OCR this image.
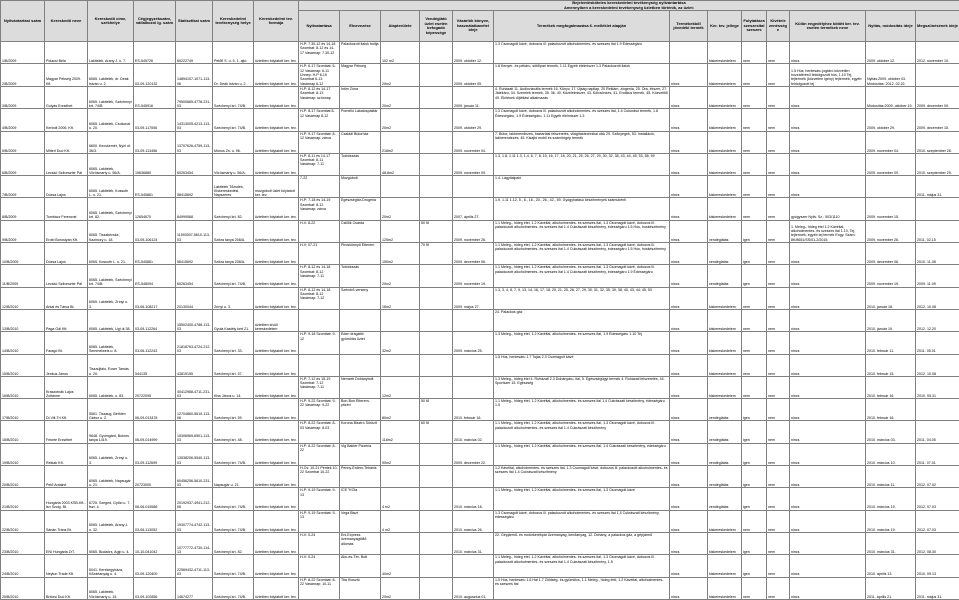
Nyilvántartási szám	Kereskedő neve	Kereskedő címe, székhelye	Cégjegyzékszám, vállalkozói ig. szám	Statisztikai szám	Kereskedelmi tevékenység helye	Kereskedelmi tev. formája	Bejelentésköteles kereskedelmi tevékenység nyilvántartása
Amennyiben a kereskedelmi tevékenység üzletben történik, az üzlet:												

							Nyitvatartása	Elnevezése	Alapterülete	Vendéglátó üzlet esetén befogadó képessége	Vásárlók könyve, használatbavétel ideje	Termékek megfogalmazása 6. melléklet alapján	Termékekből jövedéki termék	Ker. tev. jellege	Folytatásra szeszesital szeszes	Kivétele zenéssége	Külön engedélyhez kötött ker. tev. esetén termékek neve	Nyitás, módosítás ideje	Megszűnésének ideje
1/B/2009	Polacsi Béla	Lakitelek, Arany J. u. 7.	ES-545726	60222749	Petőfi S. u. 5. 1. ajtó	üzletben folytatott ker. tev.	H-P: 7.30-12 és 14-18 Szombat: 8-12 és 14-17 Vasárnap: 7.30-12	Palackozott italok boltja	102 m2		2009. október 12.	1.3 Csomagolt kávé, dobozos ill. palackozott alkoholmentes- és szeszes ital 1.9 Édességáru		kiskereskedelem	nem	nem	nincs	2009. október 12.	2012. november 10.
2/B/2009	Magyar Pékség 2009. Kft.	6065. Lakitelek, dr. Deák István u. 2.	03-09-120132	14894107-1071-113-06	Dr. Deák István u. 2.	üzletben folytatott ker. tev.	H-P: 6-17 Szombat: 6-12 Vasárnap: 6-11 Ünnep: H-P 6-19 Szombat 6-13 Vasárnap 6-12	Magyar Pékség	20m2		2009. október 05.	1.8 Kenyér- és pékáru, sütőipari termék, 1.11 Egyéb élelmiszer 1.3 Palackozott italok	nincs	kiskereskedelem	nem	nem	1.5 Hús, hentesáru jogtáró közvetlen hozzáférésű feldolgozott hús, 1.10 Tej, tejtermék (közvetlen igény) tejtermék, egyéb feldolgozott tej	Nyitás:2009. október 03. Módosítás: 2012. 02.22.	
3/B/2009	Gulyás Erzsébet	6065. Lakitelek, Széchenyi krt. 74/B.	ES-545916	79500665-4778-231-03	Széchenyi krt. 74/B.	üzletben folytatott ker. tev.	H-P: 8-12 és 14-17 Szombat: 8-13 Vasárnap: szünnap	Intim Zóna	20m2		2009. január 11.	4. Ruházati 11. Audiovizuális termék 16. Könyv, 17. Újság napilap, 20 Reklám, zlogenia, 25. Óra, ékszer, 27. Játékáru, 34. Szerelék termék, 35. 36. 40. Közélelmiszer, 43. Kölcsönzés, 41. Erotikus termék, 45. Közvetítői 49. Ékítések díjtéltási alkalmazás	nincs	kiskereskedelem	nem	nem	nincs	Módosítás:2009. október 19.	2009. december 09.
4/B/2009	Kerbolt 2006. Kft.	6065. Lakitelek, Csokonai u. 20.	03-09-117006	14313005-4213-113-03	Széchenyi krt. 74/B.	üzletben folytatott ker. tev.	H-P: 8-17 Szombat 8-12 Vasárnap 8-12	Pomelló Lakatospaktár	20m2		2009. október 29.	1.3 Csomagolt kávé, dobozos ill. palackozott alkoholmentes- és szeszes ital, 1.4 Cukorásó termék, 1.8 Édességáru, 1.9 Édességáru, 1.11 Egyéb élelmiszer 1.3	nincs	kiskereskedelem	nem	nem	nincs	2009. október 29.	2009. december 15.
5/B/2009	Mitterl Duó Kft.	6600. Kecskemét, Nyíri út 36/3.	03-09-113456	13707626-4759-113-03	Mónus Zs. u. 96.	üzletben folytatott ker. tev.	H-P: 9-17 Szombat: 8-12 Vasárnap: zárva	Családi Bútorház	218m2		2009. november 04.	7. Bútor, lakberendezés, háztartási felszerelés, világítástechnikai cikk 29. Szőnyegek, 53. Installáció, lakberendezés, 45. Kisajtó mobil és számítógép termék	nincs	kiskereskedelem	nem	nem	nincs	2009. november 04.	2010. szeptember 28.
6/B/2009	Lecskó Szilveszter Pál	6065. Lakitelek, Vörösmarty u. 56/A.	19636880	60263454	Vörösmarty u. 56/A.	üzletben folytatott ker. tev.	H-P: 8-11 és 14-17 Szombat: 8-11 Vasárnap: 7-11	Totóösszás	48,8m2		2009. november 09.	1.3, 1.8, 1.11 1.3, 1.4, 6, 7, 8, 15, 16, 17, 18, 20, 21, 25, 26, 27, 29, 30, 32, 38, 43, 44, 45, 53, 58, 59	nincs	kiskereskedelem	nem	nem	nincs	2009. november 09.	2010. szeptember 29.
7/B/2009	Dózsa Lajos	6065. Lakitelek, Kossuth L. u. 21.	ES-545861	58415692	Lakitelek Tőzsdés, Kiskereskedési, Napszeres	mozgóbolt üzlet folytatott ker. tev.	7-22	Mozgóbolt				1.4. Lágyitalpaló	nincs	kiskereskedelem	nem	nem	nincs		2011. május 31.
8/B/2009	Tombácz Ferencné	6065. Lakitelek, Széchenyi krt. 82.	12654670	84999568	Széchenyi krt. 82.	üzletben folytatott ker. tev.	H-P: 7-18 és 14-19 Szombat: 8-12 Vasárnap: zárva	Egészségtár-Drogéria	20m2		2007. április 27.	1.9, 1.11 1.12, 5., 6., 16., 20., 26., 42., 59. Gyógyhatású készítmények számukénti	nincs	kiskereskedelem	nem	nem	gyógyszer Nyilv. Sz.: 503/1110	2009. november 15.	
9/B/2009	Erdei Borostyán Kft.	6065. Tiszakécske, Kazinczy u. 18.	03-09-106124	11593007-5610-113-03	Szikra tanya 208/A.	üzletben folytatott ker. tev.	H-V: 8-22	Csillők Csárda	125m2	50 fő	2009. november 26.	1.1 Meleg-, hideg étel, 1.2 Kávéital, alkoholmentes- és szeszes ital, 1.3 Csomagolt kávé, dobozos ill. palackozott alkoholmentes- és szeszes ital 1.4 Cukrászati készítmény, édességáru 1.5 Hús, húskészítmény	nincs	vendéglátás	igen	nem	1. Meleg-, hideg étel 1.2 Kávéital, alkoholmentes- és szeszes ital 1.10, Tej, tejtermék, egyéb tej termék Engy. Szám: 8K/8651/SS/01-2/2015.	2009. november 26.	2011. 02.15
10/B/2009	Dózsa Lajos	6065. Kossuth L. u. 21.	ES-545861	58415692	Szikra tanya 208/A.	üzletben folytatott ker. tev.	H-V: 07-21	Piroskönnyű Étterem	150m2	70 fő	2009. december 06.	1.1 Meleg-, hideg étel, 1.2 Kávéital, alkoholmentes- és szeszes ital, 1.3 Csomagolt kávé, dobozos ill. palackozott alkoholmentes- és szeszes ital 1.4 Cukrászati készítmény, édességáru 1.5 Hús, húskészítmény	nincs	vendéglátás	igen	nem	nincs	2009. december 06.	2010. 11.08
11/B/2009	Lecskó Szilveszter Pál	6065. Lakitelek, Széchenyi krt. 74/B.	ES-548094	60263454	Széchenyi krt. 74/B.	üzletben folytatott ker. tev.	H-P: 8-12 és 14-18 Szombat: 8-12 Vasárnap: 7-11	Totóösszás	20m2		2009. november 19.	1.1 Meleg-, hideg étel, 1.2 Kávéital, alkoholmentes- és szeszes ital, 1.3 Csomagolt kávé, dobozos ill. palackozott alkoholmentes- és szeszes ital 1.4 Cukrászati készítmény, édességáru 1.9 Édességáru	nincs	vendéglátás	igen	nem	nincs	2009. november 19.	2009. 11.09
12/B/2010	Antal és Társa Bt.	6065. Lakitelek, Zrínyi u. 3.	03-06-108217	20130044	Zrínyi u. 3.	üzletben folytatott ker. tev.	H-P: 8-12 és 14-18 Szombat: 8-12 Vasárnap: 7-12	Széndrő-verseny	16m2		2009. május 27.	1.3, 3, 4, 8, 7, 9, 13, 14, 16, 17, 18, 20, 21, 25, 26, 27, 29, 30, 31, 32, 35, 39, 38, 40, 43, 44, 45, 53	nincs	kiskereskedelem	nem	nem	nincs	2010. január 18.	2012. 10.08
13/B/2010	Paga Gál Kft.	6065. Lakitelek, Ugi út 38.	03-09-112264	15502400-4788-113-03	Gyula Kastély kert 21.	üzletben kívüli kereskedelem						24. Palackos gáz	nincs	kiskereskedelem	nem	nem	nincs	2010. január 19.	2012. 12.20
14/B/2010	Faragó Bt.	6065. Lakitelek, Semmelweis u. 8.	03-06-112243	21818763-4724-212-03	Széchenyi krt. 33.	üzletben folytatott ker. tev.	H-P: 9-18 Szombat: 9-12	Éden drágább gyümölcs üzlet	32m2		2009. március 25.	1.3 Meleg-, hideg étel, 1.2 Kávéital, alkoholmentes- és szeszes ital, 1.9 Édességáru 1.10 Tej	nincs	kiskereskedelem	nem	nem	nincs	2010. február 11.	2011. 05.01
15/B/2010	Jenkus János	Tiszaújfalu, Ecser Tamás u. 20.	544135	43819155	Széchenyi krt. 57.	üzletben folytatott ker. tev.						1.5 Hús, hentesáru 1.7 Tojás 2.3 Csomagolt kávé	nincs	kiskereskedelem	nem	nem	nincs	2010. február 15.	2012. 10.08
16/B/2010	Kraszotnák Lajos Zoltánné	6065. Lakitelek, u. 83.	20722095	40412988-4711-231-03	Kiss János u. 14.	üzletben folytatott ker. tev.	H-P: 7-12 és 15-19 Szombat: 7-12 Vasárnap: 7-11	Nemzeti Dohánybolt	12m2			1.3 Meleg-, hideg étel 4. Ruházati 2.3 Dohányáru, ital, 5. Egészségügyi termék 4. Ruházati felszerelés, 44. Sportszer 15. Egészség	nincs	kiskereskedelem	nem	nem	nincs	2010. február 16.	2010. 05.31
17/B/2010	Di-Vill-Tri Kft.	5561. Tiszaug, Bethlen Gábor u. 2.	06-09-013478	12704860-5610-113-06	Széchenyi krt. 59.	üzletben folytatott ker. tev.	H-P: 9-22 Szombat: 9-22 Vasárnap: 9-22	Bon-Bon Étterem-ptizéri	80m2	50 fő	2010. február 16.	1.1 Meleg-, hideg étel, 1.2 Kávéital, alkoholmentes- és szeszes ital 1.4 Cukrászati készítmény, édességáru 1.5	nincs	vendéglátás	igen	nem	nincs	2010. február 16.	
18/B/2010	Fekete Erzsébet	9648. Gyomgárd, Bokros tanya 1419.	06-09-014999	15306969-6501-113-03	Széchenyi krt. 48.	üzletben folytatott ker. tev.	H-P: 8-22 Szombat: 8-03 Vasárnap: 8-03	Korona Bisztró Söröző	118m2	60 fő	2010. március 02.	1.1 Meleg-, hideg étel, 1.2 Kávéital, alkoholmentes- és szeszes ital, 1.3 Csomagolt kávé, dobozos ill. palackozott alkoholmentes- és szeszes ital 1.4 Cukrászati készítmény	nincs	vendéglátás	igen	nem	nincs	2010. március 03.	2011. 04.05
19/B/2010	Reklab Kft.	6065. Lakitelek, Zrínyi u. 3.	03-09-112699	13538206-5540-113-03	Széchenyi krt. 74/B.	üzletben folytatott ker. tev.	H-P: 8-22 Szombat: 8-22	Vig Bakter Pizzéria	90m2		2009. december 22.	1.1 Meleg-, hideg étel, 1.2 Kávéital, alkoholmentes- és szeszes ital, 1.4 Cukrászati készítmény, édességáru	nincs	vendéglátás	igen	nem	nincs	2010. március 10.	2011. 07.01
20/B/2010	Pető Antalné	6065. Lakitelek, Napsugár u. 21.	20723000	60456256-5610-231-03	Napsugár u. 21.	üzletben folytatott ker. tev.	H-Cs: 10-21 Péntek 10-22 Szombat 10-22	Penny-Érdem-Tehánis				1.2 Kávéital, alkoholmentes- és szeszes ital, 1.3 Csomagolt kávé, dobozos ill. palackozott alkoholmentes- és szeszes ital 1.4 Cukrászati készítmény	nincs	vendéglátás	igen	nem	nincs	2010. március 11.	2012. 07.02
21/B/2010	Hungária 2003 KSB-Kft.-lsn Szolg. Bt.	6725. Szeged, Győzi u. 7. fszt. 4.	06-06-015586	20192937-4941-212-06	Széchenyi krt. 74/B.	üzletben folytatott ker. tev.	H-P: 9-19 Szombat: 9-13	ICE "KOla	4 m2		2010. március 18.	1.1 Meleg-, hideg étel, 1.2 Kávéital, alkoholmentes- és szeszes ital, 1.3 Csomagolt kávé	nincs	vendéglátás	igen	nem	nincs	2010. március 19.	2012. 07.03
22/B/2010	Sánán Trans Bt.	6065. Lakitelek, Arany J. u. 32.	03-06-113052	19307774-4742-113-03	Széchenyi krt. 74/B.	üzletben folytatott ker. tev.	H-P: 9-19 Szombat: 9-13	Vega Biszt	4 m2		2010. március 26.	1.3 Csomagolt kávé, dobozos ill. palackozott alkoholmentes- és szeszes ital 1.4 Cukrászati készítmény, édességáru	nincs	kiskereskedelem	nem	nem	nincs	2010. március 19.	2012. 07.03
23/B/2010	ENI Hungária ZrT.	6065. Budaörs, Agip u. 4.	10-10-041042	10777772-4730-114-13	Széchenyi krt. 82.	üzletben folytatott ker. tev.	H-V: 0-24	Eni-Express üzemanyagtöltő állomás			2010. március 31.	22. Gépjármű- és motorkerékpár üzemanyag, kenőanyag, 12. Dohány, a palackos gáz, a gépjármű	nincs	kiskereskedelem	igen	nem	nincs	2010. március 31.	2012. 08.30
24/B/2010	Neytun Trade Kft.	6041. Kerekegyháza, Kőzártanyág u. 4.	03-09-120400	22569432-4711-113-03	Széchenyi krt. 74/B.	üzletben folytatott ker. tev.	H-V: 0-24	Abc-és-Tér- Bolt	40m2			1.1 Meleg-, hideg étel, 1.2 Kávéital, alkoholmentes- és szeszes ital, 1.3 Csomagolt kávé, dobozos ill. palackozott alkoholmentes- és szeszes ital 1.4 Cukrászati készítmény, 1.5	nincs	kiskereskedelem	igen	nem	nincs	2010. április 13.	2010. 09.13
25/B/2010	Bridzsi Duó Kft.	6065. Lakitelek, Vörösmarty u. 15.	03-09-102856	14674277	Széchenyi krt. 74/B.	üzletben folytatott ker. tev.	H-P: 8-22 Szombat: 8-22 Vasárnap: 10-11	Ttia Kiosztó	20m2		2010. augusztus 01.	1.5 Hús, hentesáru 1.6 Hal 1.7 Zöldség- és gyümölcs, 1.1 Meleg-, hideg étel, 1.2 Kávéital, alkoholmentes- és szeszes ital	nincs	kiskereskedelem	nem	nem	nincs	2011. április 21.	2011. május 31.
